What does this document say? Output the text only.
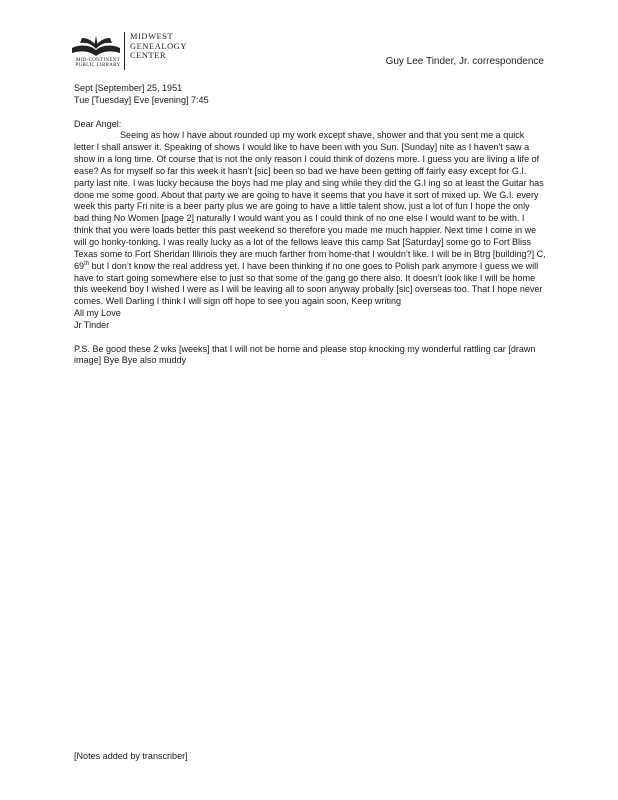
MID-CONTINENT
PUBLIC LIBRARY
MIDWEST
GENEALOGY
CENTER
Guy Lee Tinder, Jr. correspondence

Sept [September] 25, 1951

Tue [Tuesday] Eve [evening] 7:45

Dear Angel:

Seeing as how I have about rounded up my work except shave, shower and that you sent me a quick letter I shall answer it. Speaking of shows I would like to have been with you Sun. [Sunday] nite as I haven’t saw a show in a long time. Of course that is not the only reason I could think of dozens more. I guess you are living a life of ease? As for myself so far this week it hasn’t [sic] been so bad we have been getting off fairly easy except for G.I. party last nite. I was lucky because the boys had me play and sing while they did the G.I ing so at least the Guitar has done me some good. About that party we are going to have it seems that you have it sort of mixed up. We G.I. every week this party Fri nite is a beer party plus we are going to have a little talent show, just a lot of fun I hope the only bad thing No Women [page 2] naturally I would want you as I could think of no one else I would want to be with. I think that you were loads better this past weekend so therefore you made me much happier. Next time I come in we will go honky-tonking. I was really lucky as a lot of the fellows leave this camp Sat [Saturday] some go to Fort Bliss Texas some to Fort Sheridan Illinois they are much farther from home-that I wouldn’t like. I will be in Btrg [building?] C, 69th but I don’t know the real address yet. I have been thinking if no one goes to Polish park anymore I guess we will have to start going somewhere else to just so that some of the gang go there also. It doesn’t look like I will be home this weekend boy I wished I were as I will be leaving all to soon anyway probally [sic] overseas too. That I hope never comes. Well Darling I think I will sign off hope to see you again soon, Keep writing

All my Love

Jr Tinder

P.S. Be good these 2 wks [weeks] that I will not be home and please stop knocking my wonderful rattling car [drawn image] Bye Bye also muddy

[Notes added by transcriber]
